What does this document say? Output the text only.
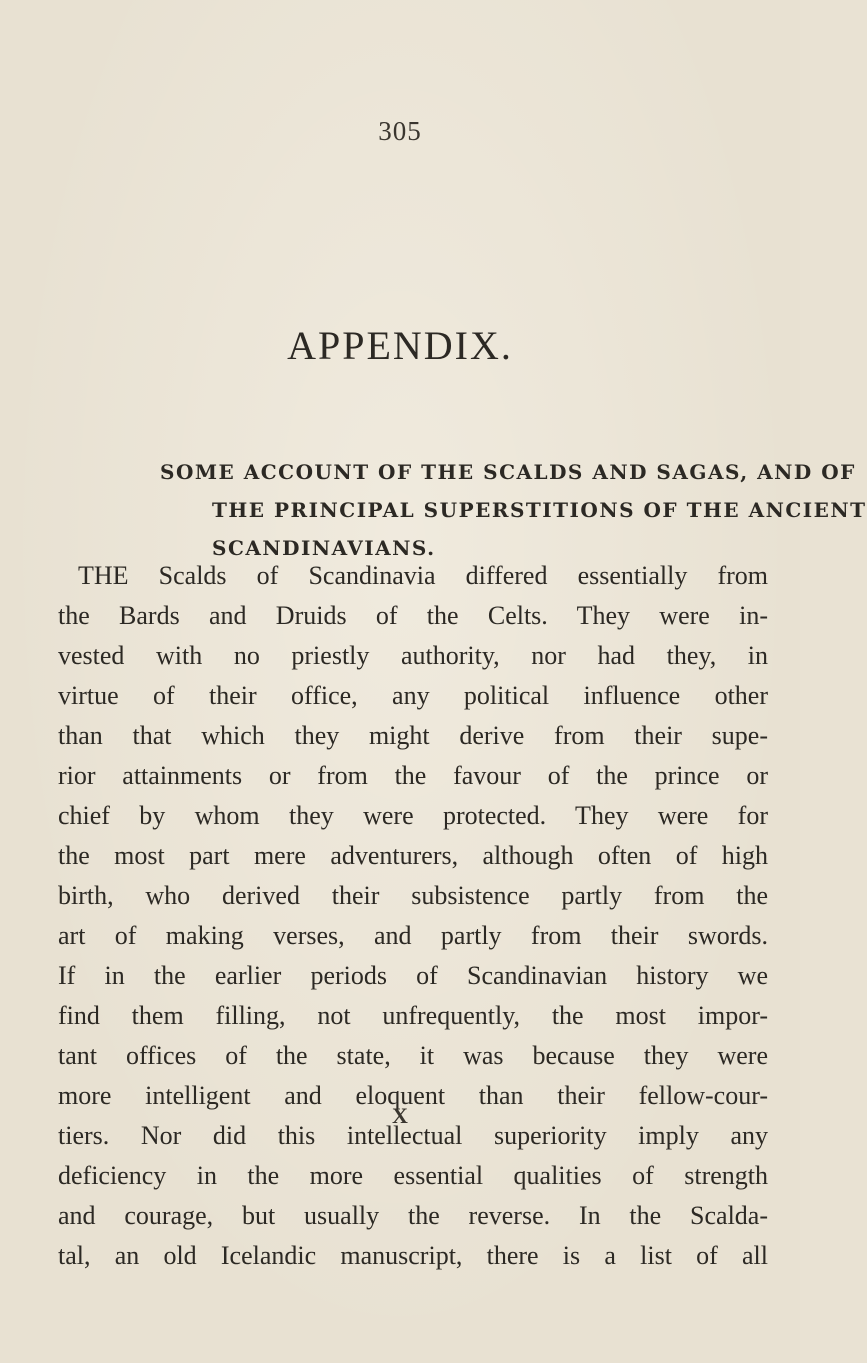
305
APPENDIX.
SOME ACCOUNT OF THE SCALDS AND SAGAS, AND OF
THE PRINCIPAL SUPERSTITIONS OF THE ANCIENT
SCANDINAVIANS.
THE Scalds of Scandinavia differed essentially from
the Bards and Druids of the Celts. They were in-
vested with no priestly authority, nor had they, in
virtue of their office, any political influence other
than that which they might derive from their supe-
rior attainments or from the favour of the prince or
chief by whom they were protected. They were for
the most part mere adventurers, although often of high
birth, who derived their subsistence partly from the
art of making verses, and partly from their swords.
If in the earlier periods of Scandinavian history we
find them filling, not unfrequently, the most impor-
tant offices of the state, it was because they were
more intelligent and eloquent than their fellow-cour-
tiers. Nor did this intellectual superiority imply any
deficiency in the more essential qualities of strength
and courage, but usually the reverse. In the Scalda-
tal, an old Icelandic manuscript, there is a list of all
X
